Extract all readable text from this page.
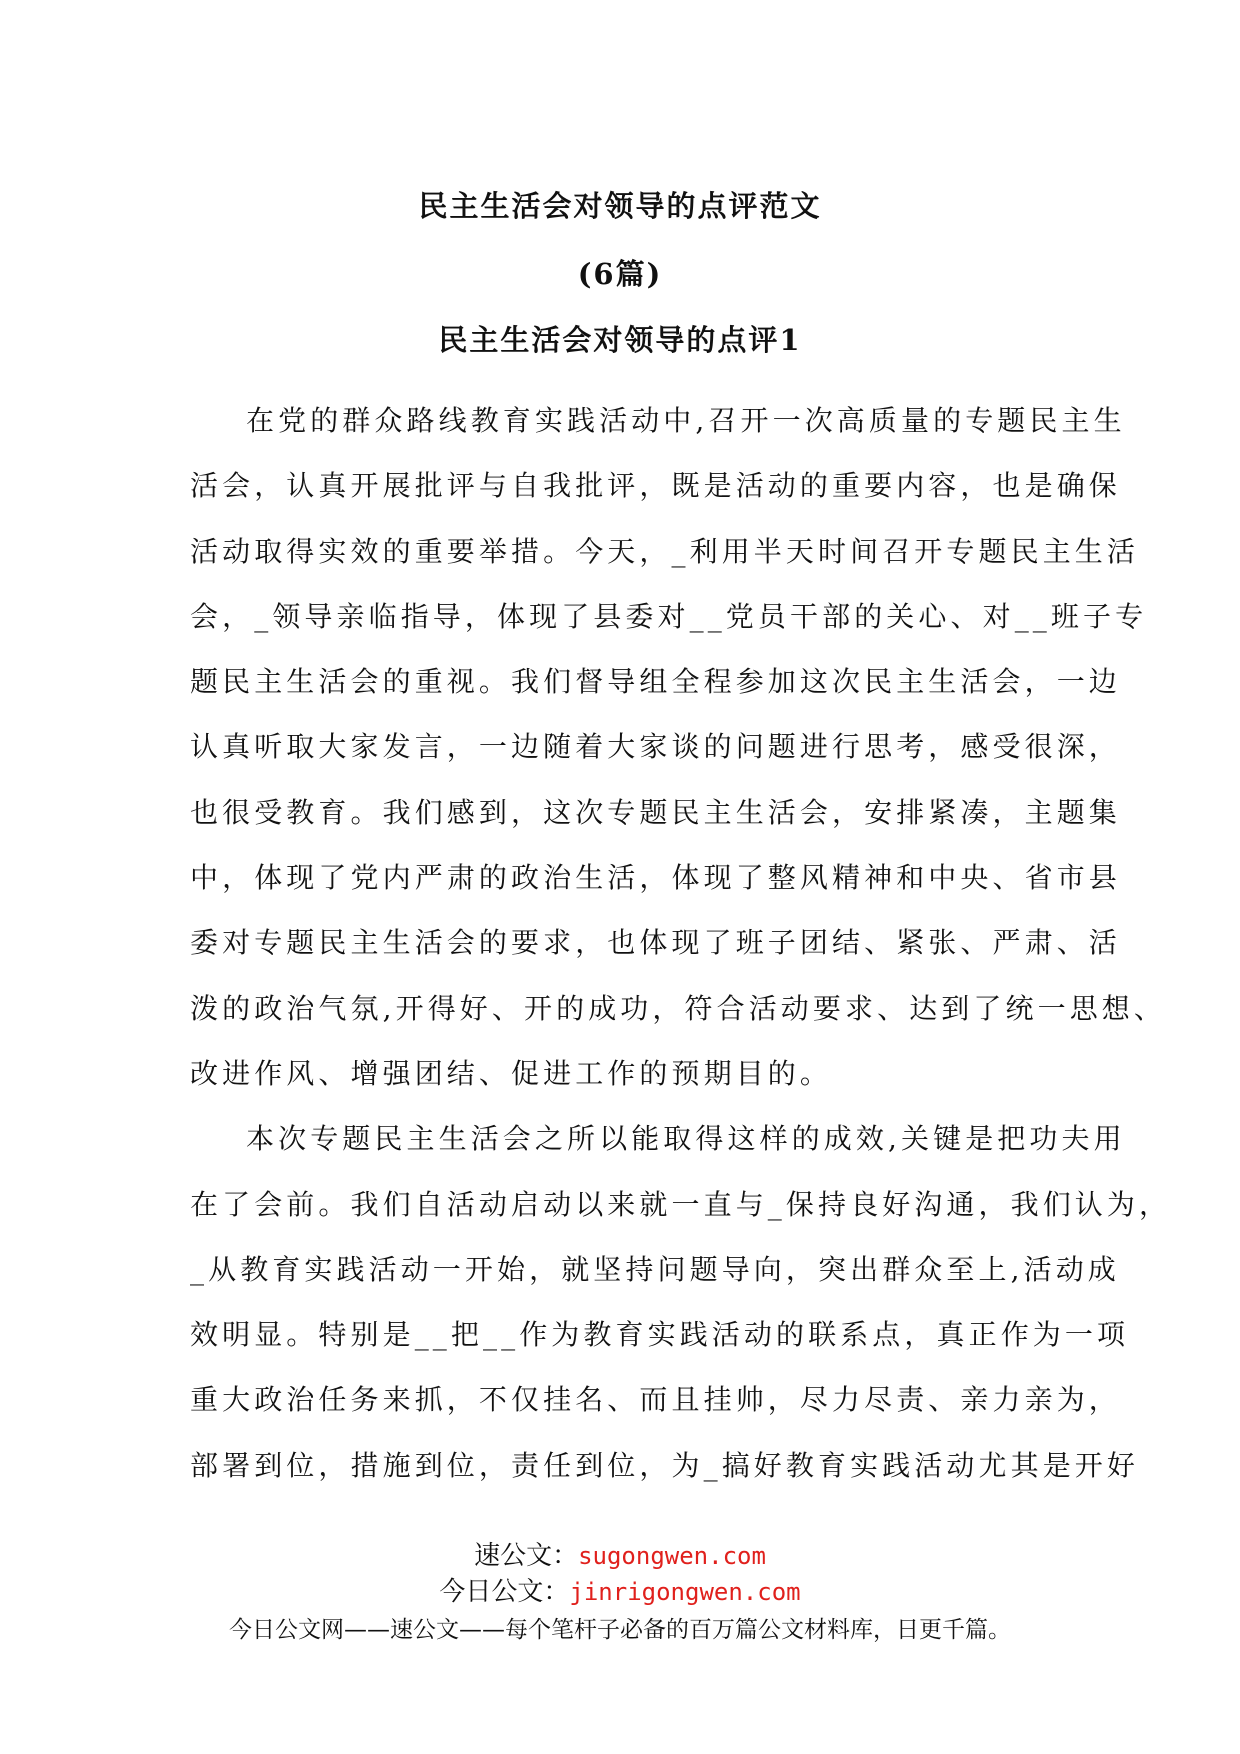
民主生活会对领导的点评范文
(6篇)
民主生活会对领导的点评1

在党的群众路线教育实践活动中,召开一次高质量的专题民主生

活会，认真开展批评与自我批评，既是活动的重要内容，也是确保

活动取得实效的重要举措。今天，_利用半天时间召开专题民主生活

会，_领导亲临指导，体现了县委对__党员干部的关心、对__班子专

题民主生活会的重视。我们督导组全程参加这次民主生活会，一边

认真听取大家发言，一边随着大家谈的问题进行思考，感受很深，

也很受教育。我们感到，这次专题民主生活会，安排紧凑，主题集

中，体现了党内严肃的政治生活，体现了整风精神和中央、省市县

委对专题民主生活会的要求，也体现了班子团结、紧张、严肃、活

泼的政治气氛,开得好、开的成功，符合活动要求、达到了统一思想、

改进作风、增强团结、促进工作的预期目的。

本次专题民主生活会之所以能取得这样的成效,关键是把功夫用

在了会前。我们自活动启动以来就一直与_保持良好沟通，我们认为，

_从教育实践活动一开始，就坚持问题导向，突出群众至上,活动成

效明显。特别是__把__作为教育实践活动的联系点，真正作为一项

重大政治任务来抓，不仅挂名、而且挂帅，尽力尽责、亲力亲为，

部署到位，措施到位，责任到位，为_搞好教育实践活动尤其是开好

速公文：sugongwen.com
今日公文：jinrigongwen.com
今日公文网——速公文——每个笔杆子必备的百万篇公文材料库，日更千篇。
